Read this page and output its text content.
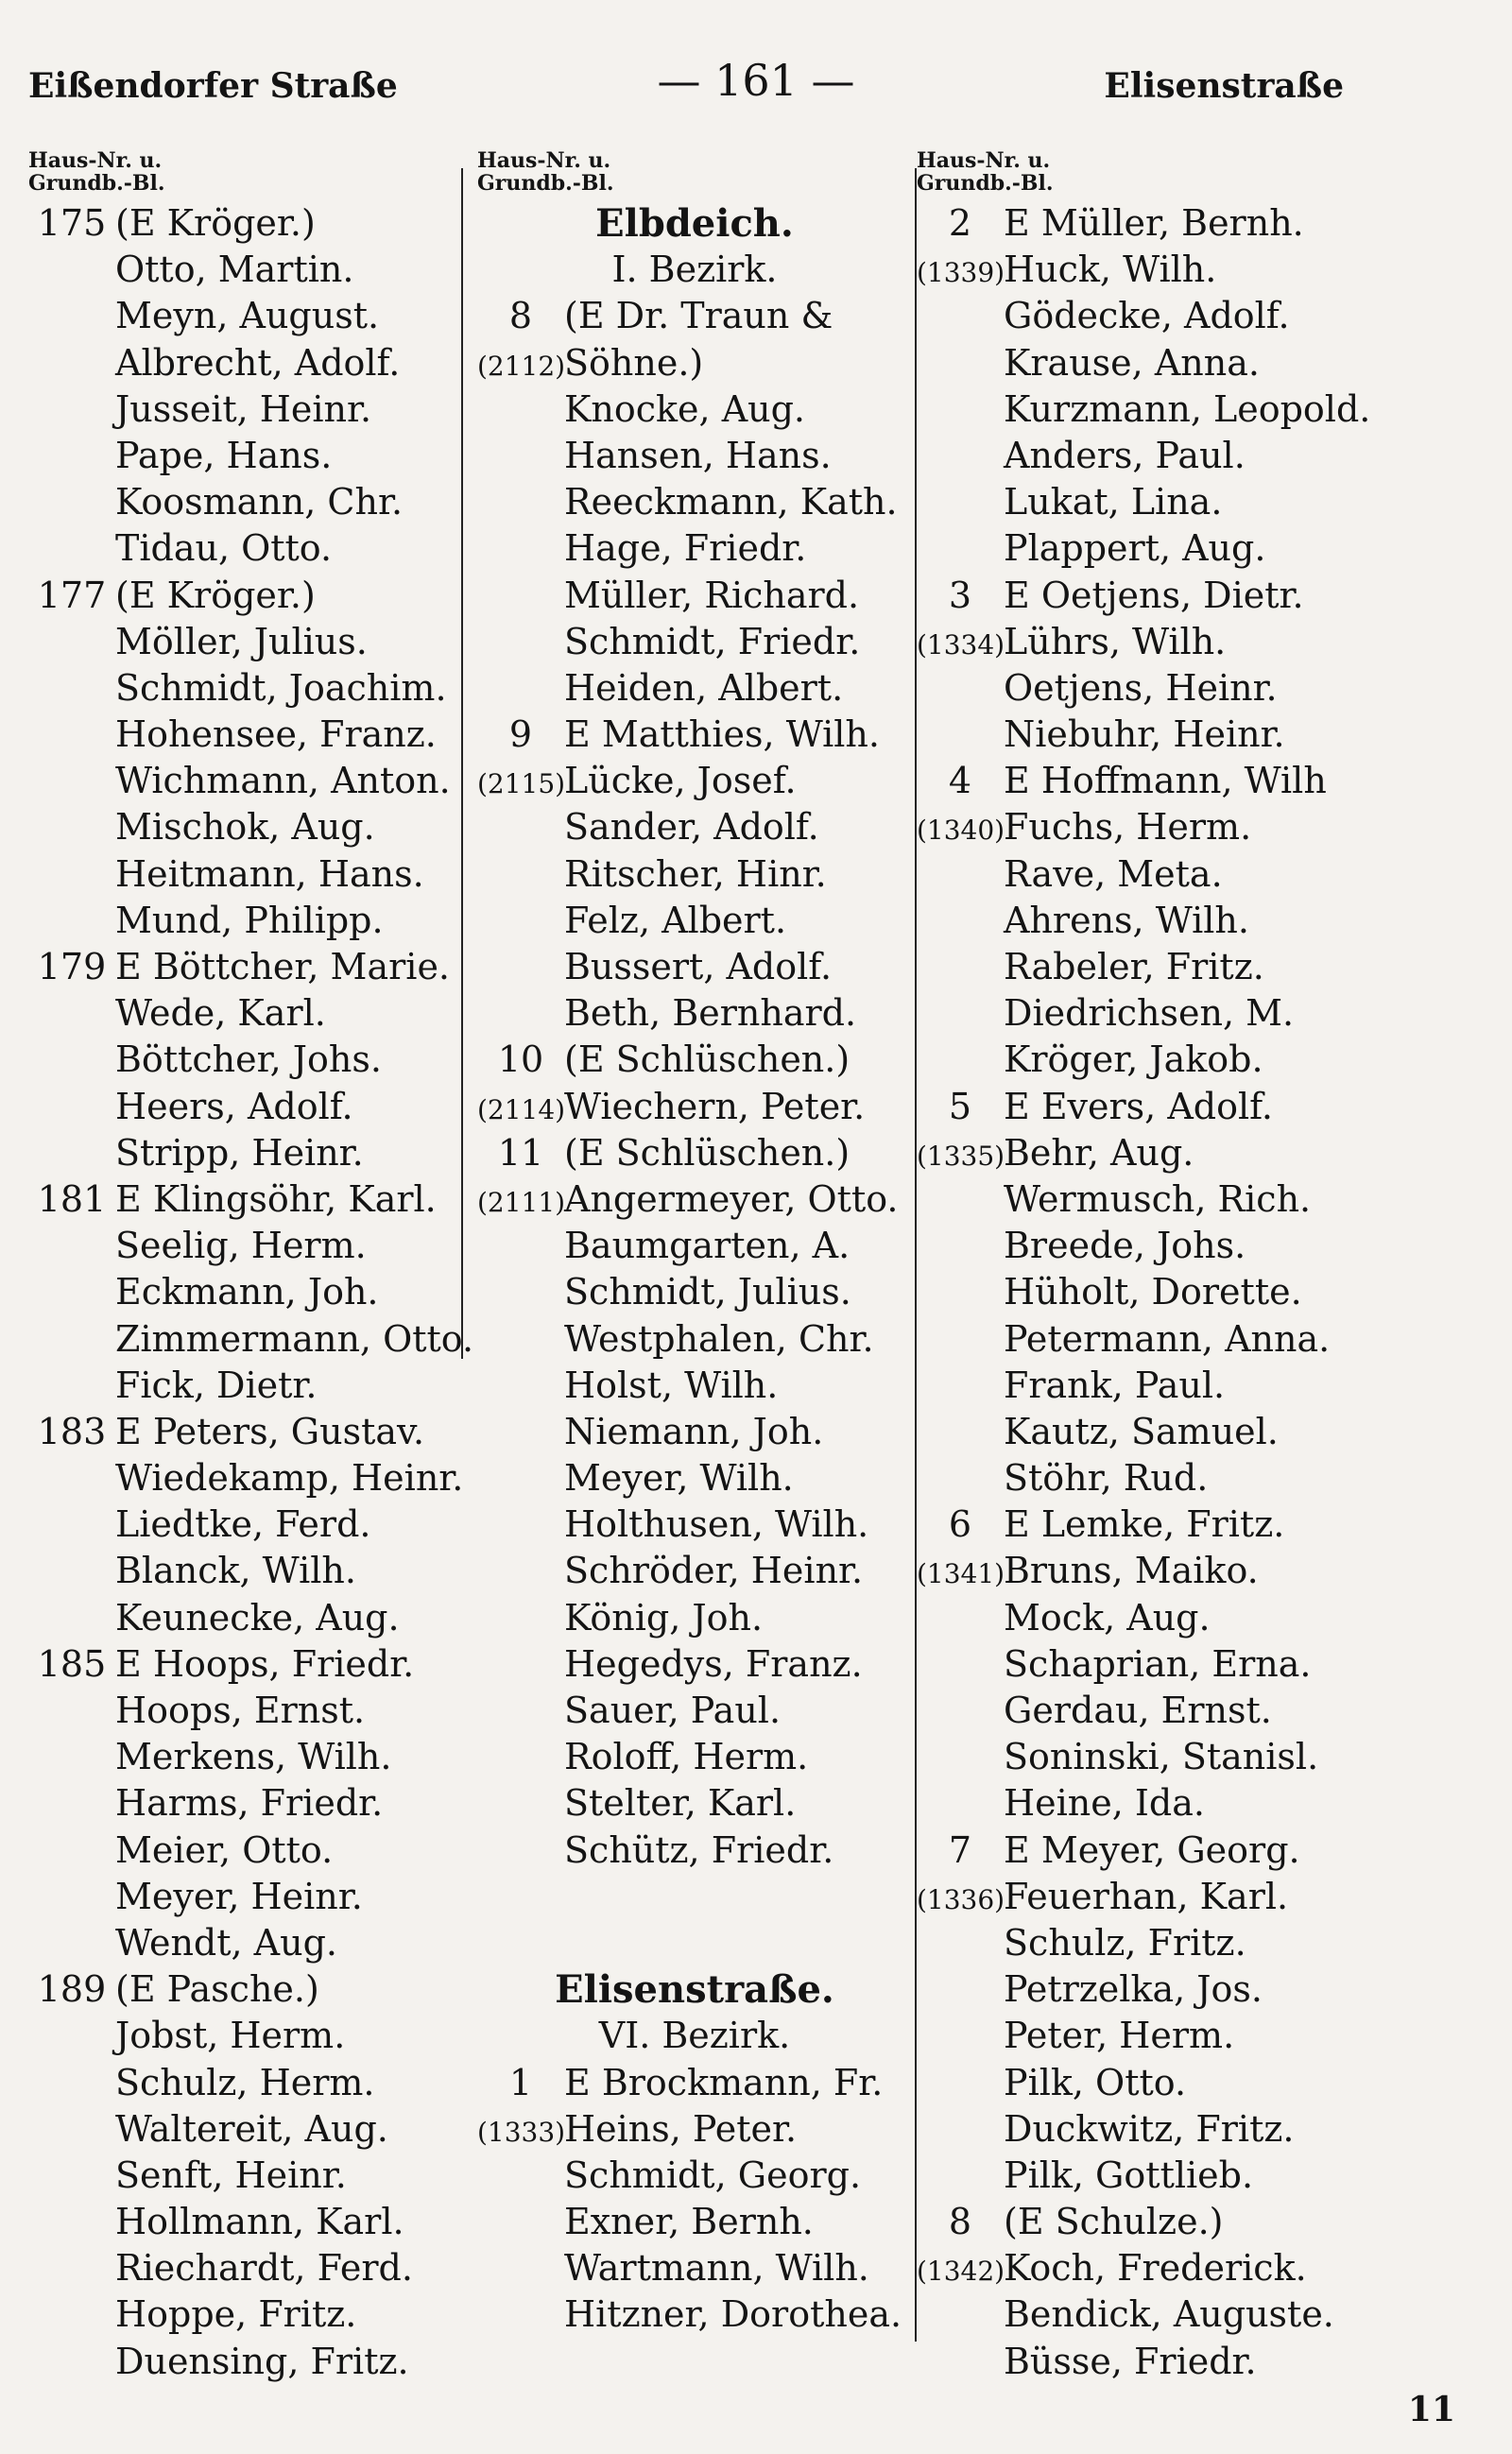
— 161 —
Eißendorfer Straße	Elisenstraße
Haus-Nr. u.
Grundb.-Bl.
175 (E Kröger.)
Otto, Martin.
Meyn, August.
Albrecht, Adolf.
Jusseit, Heinr.
Pape, Hans.
Koosmann, Chr.
Tidau, Otto.
177 (E Kröger.)
Möller, Julius.
Schmidt, Joachim.
Hohensee, Franz.
Wichmann, Anton.
Mischok, Aug.
Heitmann, Hans.
Mund, Philipp.
179 E Böttcher, Marie.
Wede, Karl.
Böttcher, Johs.
Heers, Adolf.
Stripp, Heinr.
181 E Klingsöhr, Karl.
Seelig, Herm.
Eckmann, Joh.
Zimmermann, Otto.
Fick, Dietr.
183 E Peters, Gustav.
Wiedekamp, Heinr.
Liedtke, Ferd.
Blanck, Wilh.
Keunecke, Aug.
185 E Hoops, Friedr.
Hoops, Ernst.
Merkens, Wilh.
Harms, Friedr.
Meier, Otto.
Meyer, Heinr.
Wendt, Aug.
189 (E Pasche.)
Jobst, Herm.
Schulz, Herm.
Waltereit, Aug.
Senft, Heinr.
Hollmann, Karl.
Riechardt, Ferd.
Hoppe, Fritz.
Duensing, Fritz.
Haus-Nr. u.
Grundb.-Bl.
Elbdeich.
I. Bezirk.
8 (E Dr. Traun &
(2112)Söhne.)
Knocke, Aug.
Hansen, Hans.
Reeckmann, Kath.
Hage, Friedr.
Müller, Richard.
Schmidt, Friedr.
Heiden, Albert.
9 E Matthies, Wilh.
(2115)Lücke, Josef.
Sander, Adolf.
Ritscher, Hinr.
Felz, Albert.
Bussert, Adolf.
Beth, Bernhard.
10 (E Schlüschen.)
(2114)Wiechern, Peter.
11 (E Schlüschen.)
(2111)Angermeyer, Otto.
Baumgarten, A.
Schmidt, Julius.
Westphalen, Chr.
Holst, Wilh.
Niemann, Joh.
Meyer, Wilh.
Holthusen, Wilh.
Schröder, Heinr.
König, Joh.
Hegedys, Franz.
Sauer, Paul.
Roloff, Herm.
Stelter, Karl.
Schütz, Friedr.
Elisenstraße.
VI. Bezirk.
1 E Brockmann, Fr.
(1333)Heins, Peter.
Schmidt, Georg.
Exner, Bernh.
Wartmann, Wilh.
Hitzner, Dorothea.
Haus-Nr. u.
Grundb.-Bl.
2 E Müller, Bernh.
(1339)Huck, Wilh.
Gödecke, Adolf.
Krause, Anna.
Kurzmann, Leopold.
Anders, Paul.
Lukat, Lina.
Plappert, Aug.
3 E Oetjens, Dietr.
(1334)Lührs, Wilh.
Oetjens, Heinr.
Niebuhr, Heinr.
4 E Hoffmann, Wilh
(1340)Fuchs, Herm.
Rave, Meta.
Ahrens, Wilh.
Rabeler, Fritz.
Diedrichsen, M.
Kröger, Jakob.
5 E Evers, Adolf.
(1335)Behr, Aug.
Wermusch, Rich.
Breede, Johs.
Hüholt, Dorette.
Petermann, Anna.
Frank, Paul.
Kautz, Samuel.
Stöhr, Rud.
6 E Lemke, Fritz.
(1341)Bruns, Maiko.
Mock, Aug.
Schaprian, Erna.
Gerdau, Ernst.
Soninski, Stanisl.
Heine, Ida.
7 E Meyer, Georg.
(1336)Feuerhan, Karl.
Schulz, Fritz.
Petrzelka, Jos.
Peter, Herm.
Pilk, Otto.
Duckwitz, Fritz.
Pilk, Gottlieb.
8 (E Schulze.)
(1342)Koch, Frederick.
Bendick, Auguste.
Büsse, Friedr.
11
